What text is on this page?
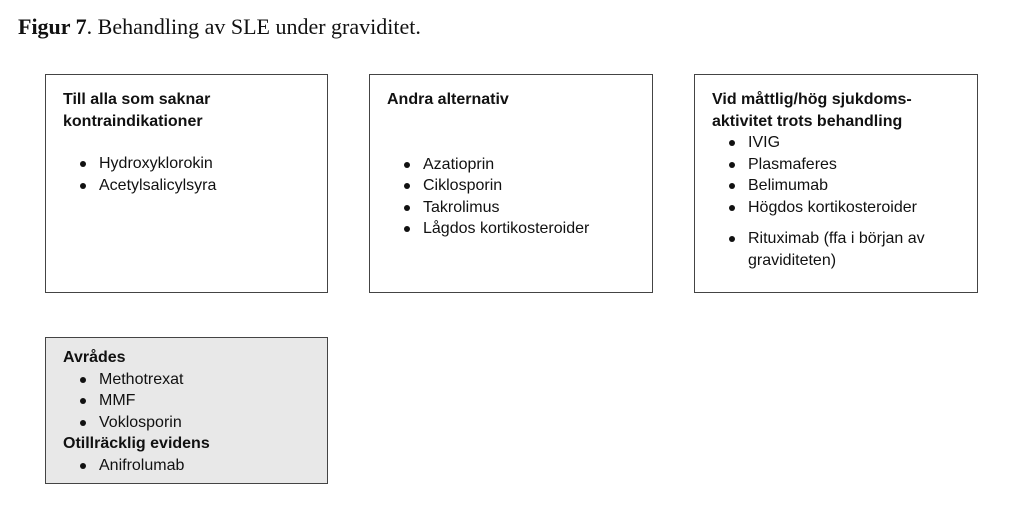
Figur 7. Behandling av SLE under graviditet.
Till alla som saknar kontraindikationer
Hydroxyklorokin
Acetylsalicylsyra
Andra alternativ
Azatioprin
Ciklosporin
Takrolimus
Lågdos kortikosteroider
Vid måttlig/hög sjukdoms-aktivitet trots behandling
IVIG
Plasmaferes
Belimumab
Högdos kortikosteroider
Rituximab (ffa i början av graviditeten)
Avrådes
Methotrexat
MMF
Voklosporin
Otillräcklig evidens
Anifrolumab
